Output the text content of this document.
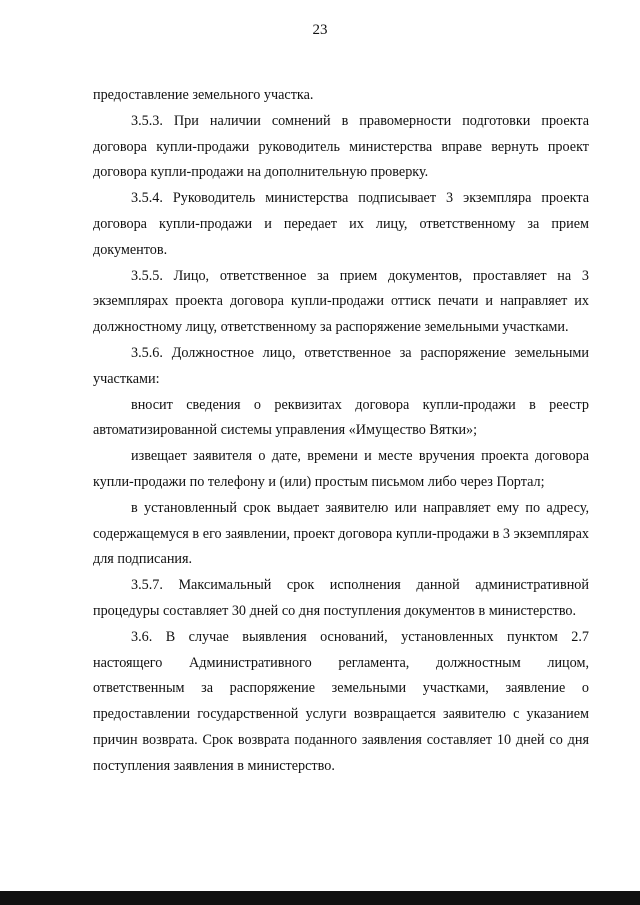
23

предоставление земельного участка.

3.5.3. При наличии сомнений в правомерности подготовки проекта договора купли-продажи руководитель министерства вправе вернуть проект договора купли-продажи на дополнительную проверку.

3.5.4. Руководитель министерства подписывает 3 экземпляра проекта договора купли-продажи и передает их лицу, ответственному за прием документов.

3.5.5. Лицо, ответственное за прием документов, проставляет на 3 экземплярах проекта договора купли-продажи оттиск печати и направляет их должностному лицу, ответственному за распоряжение земельными участками.

3.5.6. Должностное лицо, ответственное за распоряжение земельными участками:

вносит сведения о реквизитах договора купли-продажи в реестр автоматизированной системы управления «Имущество Вятки»;

извещает заявителя о дате, времени и месте вручения проекта договора купли-продажи по телефону и (или) простым письмом либо через Портал;

в установленный срок выдает заявителю или направляет ему по адресу, содержащемуся в его заявлении, проект договора купли-продажи в 3 экземплярах для подписания.

3.5.7. Максимальный срок исполнения данной административной процедуры составляет 30 дней со дня поступления документов в министерство.

3.6. В случае выявления оснований, установленных пунктом 2.7 настоящего Административного регламента, должностным лицом, ответственным за распоряжение земельными участками, заявление о предоставлении государственной услуги возвращается заявителю с указанием причин возврата. Срок возврата поданного заявления составляет 10 дней со дня поступления заявления в министерство.
